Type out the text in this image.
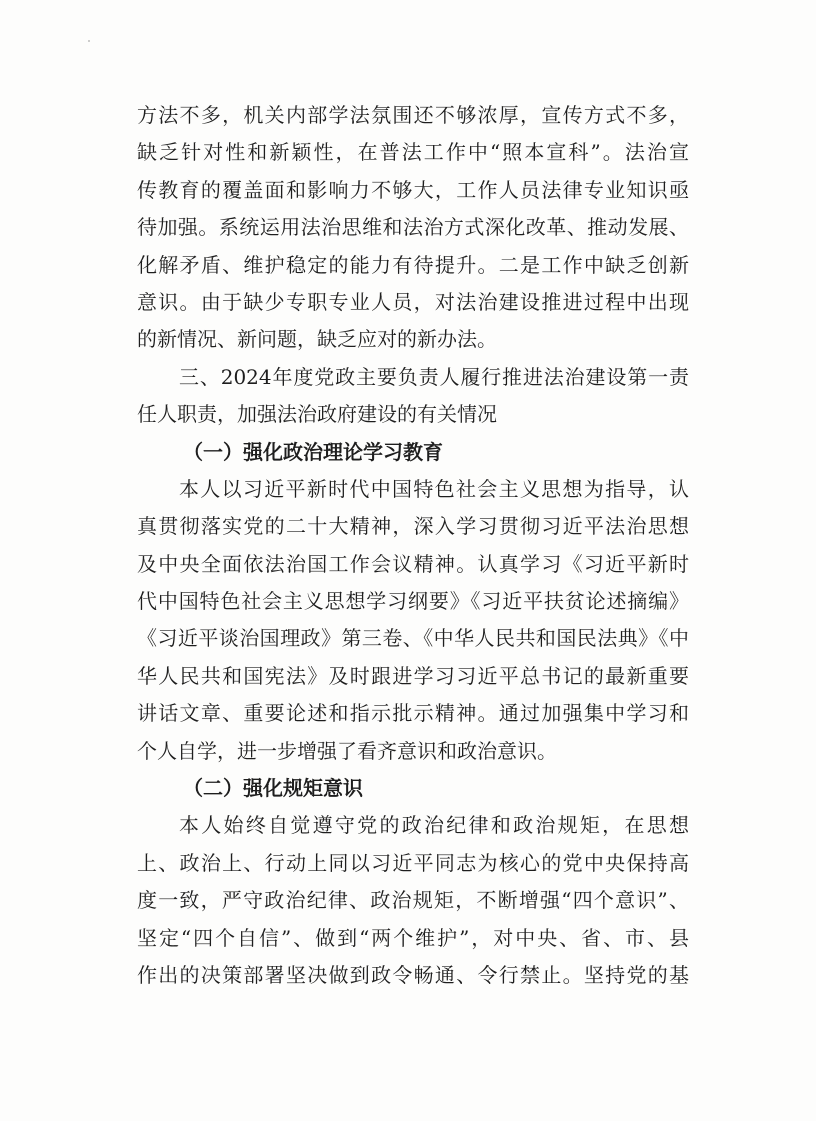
方法不多，机关内部学法氛围还不够浓厚，宣传方式不多，
缺乏针对性和新颖性，在普法工作中“照本宣科”。法治宣
传教育的覆盖面和影响力不够大，工作人员法律专业知识亟
待加强。系统运用法治思维和法治方式深化改革、推动发展、
化解矛盾、维护稳定的能力有待提升。二是工作中缺乏创新
意识。由于缺少专职专业人员，对法治建设推进过程中出现
的新情况、新问题，缺乏应对的新办法。
三、2024年度党政主要负责人履行推进法治建设第一责
任人职责，加强法治政府建设的有关情况
（一）强化政治理论学习教育
本人以习近平新时代中国特色社会主义思想为指导，认
真贯彻落实党的二十大精神，深入学习贯彻习近平法治思想
及中央全面依法治国工作会议精神。认真学习《习近平新时
代中国特色社会主义思想学习纲要》《习近平扶贫论述摘编》
《习近平谈治国理政》第三卷、《中华人民共和国民法典》《中
华人民共和国宪法》及时跟进学习习近平总书记的最新重要
讲话文章、重要论述和指示批示精神。通过加强集中学习和
个人自学，进一步增强了看齐意识和政治意识。
（二）强化规矩意识
本人始终自觉遵守党的政治纪律和政治规矩，在思想
上、政治上、行动上同以习近平同志为核心的党中央保持高
度一致，严守政治纪律、政治规矩，不断增强“四个意识”、
坚定“四个自信”、做到“两个维护”，对中央、省、市、县
作出的决策部署坚决做到政令畅通、令行禁止。坚持党的基
